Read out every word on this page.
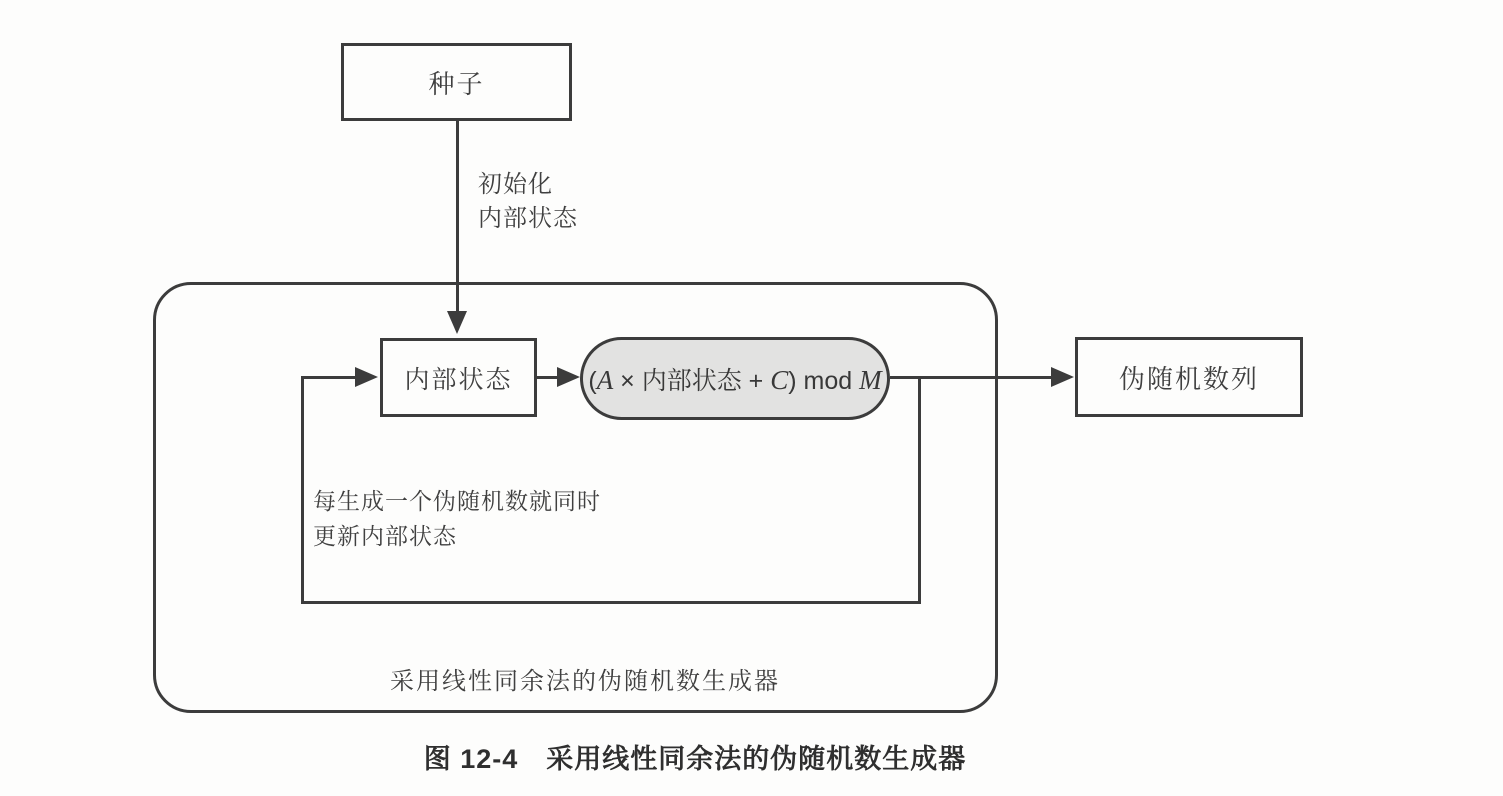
种子
初始化
内部状态
内部状态	(A × 内部状态 + C) mod M	伪随机数列
每生成一个伪随机数就同时
更新内部状态
采用线性同余法的伪随机数生成器
图 12-4 采用线性同余法的伪随机数生成器
